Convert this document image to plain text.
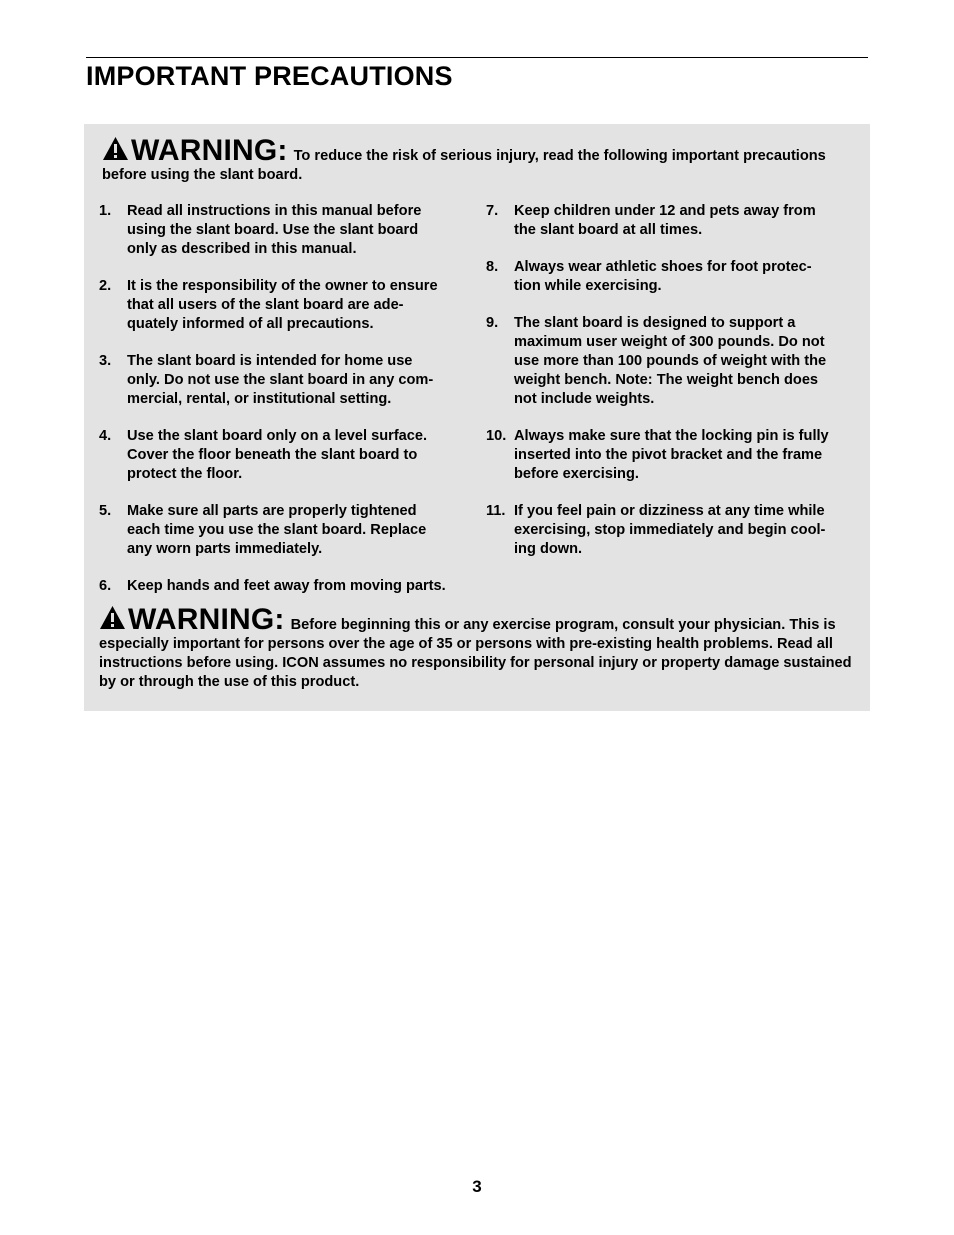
IMPORTANT PRECAUTIONS
WARNING: To reduce the risk of serious injury, read the following important precautions before using the slant board.
1.	Read all instructions in this manual before
using the slant board. Use the slant board
only as described in this manual.
2.	It is the responsibility of the owner to ensure
that all users of the slant board are ade-
quately informed of all precautions.
3.	The slant board is intended for home use
only. Do not use the slant board in any com-
mercial, rental, or institutional setting.
4.	Use the slant board only on a level surface.
Cover the floor beneath the slant board to
protect the floor.
5.	Make sure all parts are properly tightened
each time you use the slant board. Replace
any worn parts immediately.
6.	Keep hands and feet away from moving parts.
7.	Keep children under 12 and pets away from
the slant board at all times.
8.	Always wear athletic shoes for foot protec-
tion while exercising.
9.	The slant board is designed to support a
maximum user weight of 300 pounds. Do not
use more than 100 pounds of weight with the
weight bench. Note: The weight bench does
not include weights.
10. Always make sure that the locking pin is fully
inserted into the pivot bracket and the frame
before exercising.
11. If you feel pain or dizziness at any time while
exercising, stop immediately and begin cool-
ing down.
WARNING: Before beginning this or any exercise program, consult your physician. This is especially important for persons over the age of 35 or persons with pre-existing health problems. Read all instructions before using. ICON assumes no responsibility for personal injury or property damage sustained by or through the use of this product.
3
